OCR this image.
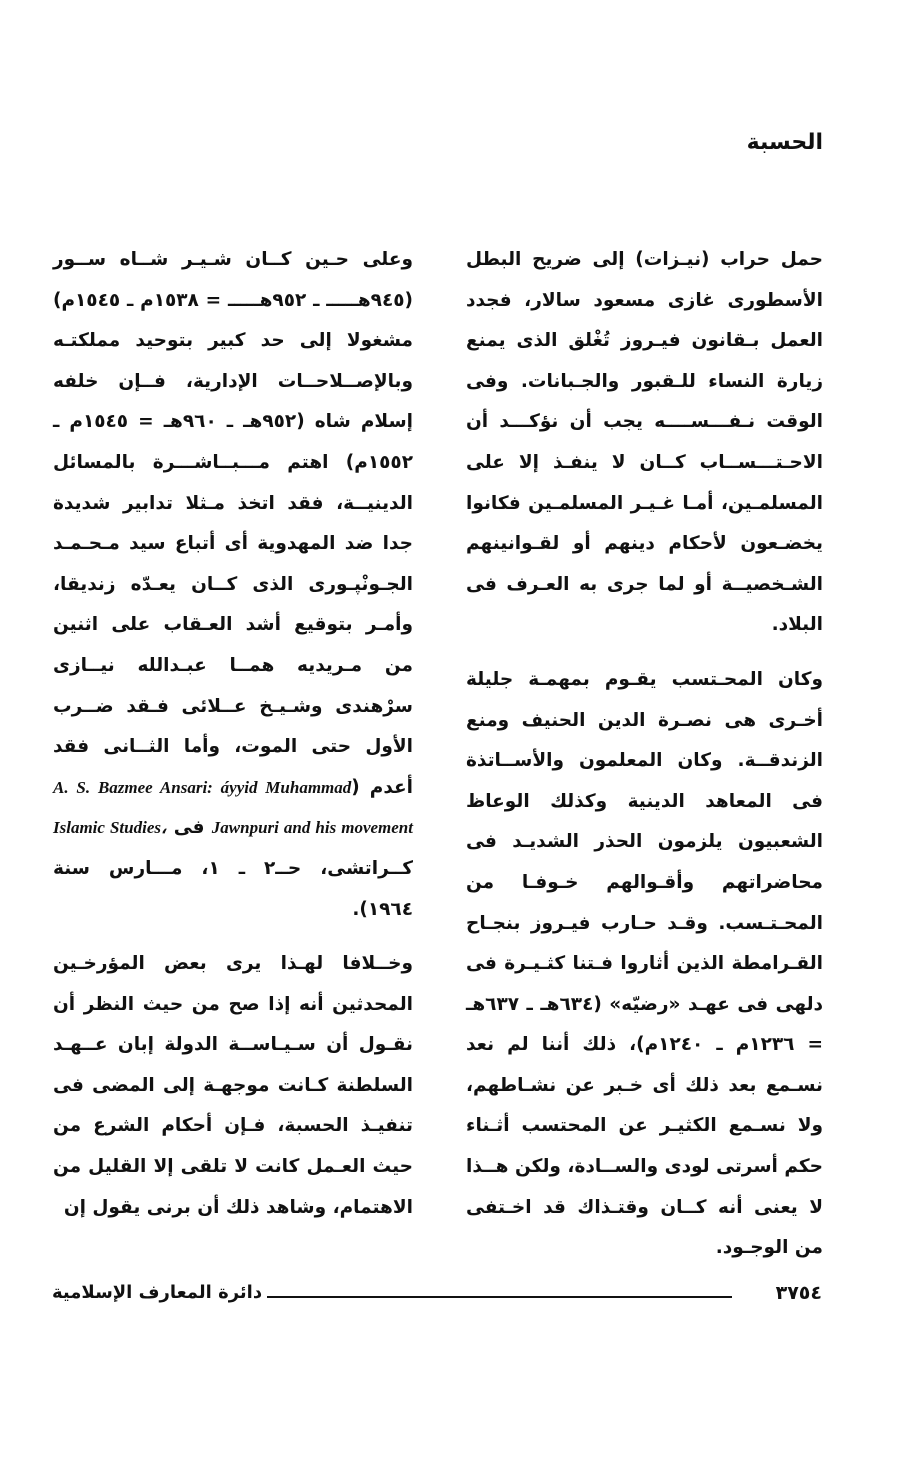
الحسبة

حمل حراب (نيـزات) إلى ضريح البطل الأسطورى غازى مسعود سالار، فجدد العمل بـقانون فيـروز تُغْلق الذى يمنع زيارة النساء للـقبور والجـبانات. وفى الوقت نـفـــســــه يجب أن نؤكـــد أن الاحـتـــســاب كــان لا ينفـذ إلا على المسلمـين، أمـا غـيـر المسلمـين فكانوا يخضـعون لأحكام دينهم أو لقـوانينهم الشـخصيــة أو لما جرى به العـرف فى البلاد.

وكان المحـتسب يقـوم بمهمـة جليلة أخـرى هى نصـرة الدين الحنيف ومنع الزندقــة. وكان المعلمون والأســاتذة فى المعاهد الدينية وكذلك الوعاظ الشعبيون يلزمون الحذر الشديـد فى محاضراتهم وأقـوالهم خـوفـا من المحـتـسب. وقـد حـارب فيـروز بنجـاح القـرامطة الذين أثاروا فـتنا كثـيـرة فى دلهى فى عهـد «رضيّه» (٦٣٤هـ ـ ٦٣٧هـ = ١٢٣٦م ـ ١٢٤٠م)، ذلك أننا لم نعد نسـمع بعد ذلك أى خـبر عن نشـاطهم، ولا نسـمع الكثيـر عن المحتسب أثـناء حكم أسرتى لودى والســادة، ولكن هــذا لا يعنى أنه كــان وقتـذاك قد اخـتفى من الوجـود.

وعلى حـين كــان شـيـر شــاه ســور (٩٤٥هـــــ ـ ٩٥٢هـــــ = ١٥٣٨م ـ ١٥٤٥م) مشغولا إلى حد كبير بتوحيد مملكتـه وبالإصــلاحــات الإدارية، فــإن خلفه إسلام شاه (٩٥٢هـ ـ ٩٦٠هـ = ١٥٤٥م ـ ١٥٥٢م) اهتم مـــبــاشـــرة بالمسائل الدينيــة، فقد اتخذ مـثلا تدابير شديدة جدا ضد المهدوية أى أتباع سيد مـحـمـد الجـونْپـورى الذى كــان يعـدّه زنديقا، وأمـر بتوقيع أشد العـقاب على اثنين من مـريديه همــا عبـدالله نيــازى سرْهندى وشـيـخ عــلائى فـقد ضــرب الأول حتى الموت، وأما الثــانى فقد أعدم (A. S. Bazmee Ansari: áyyid Muhammad Jawnpuri and his movement فى Islamic Studies، كــراتشى، حــ٢ ـ ١، مـــارس سنة ١٩٦٤).

وخــلافا لهـذا يرى بعض المؤرخـين المحدثين أنه إذا صح من حيث النظر أن نقـول أن سـيـاســة الدولة إبان عــهـد السلطنة كـانت موجهـة إلى المضى فى تنفيـذ الحسبة، فـإن أحكام الشرع من حيث العـمل كانت لا تلقى إلا القليل من الاهتمام، وشاهد ذلك أن برنى يقول إن

٣٧٥٤
دائرة المعارف الإسلامية
